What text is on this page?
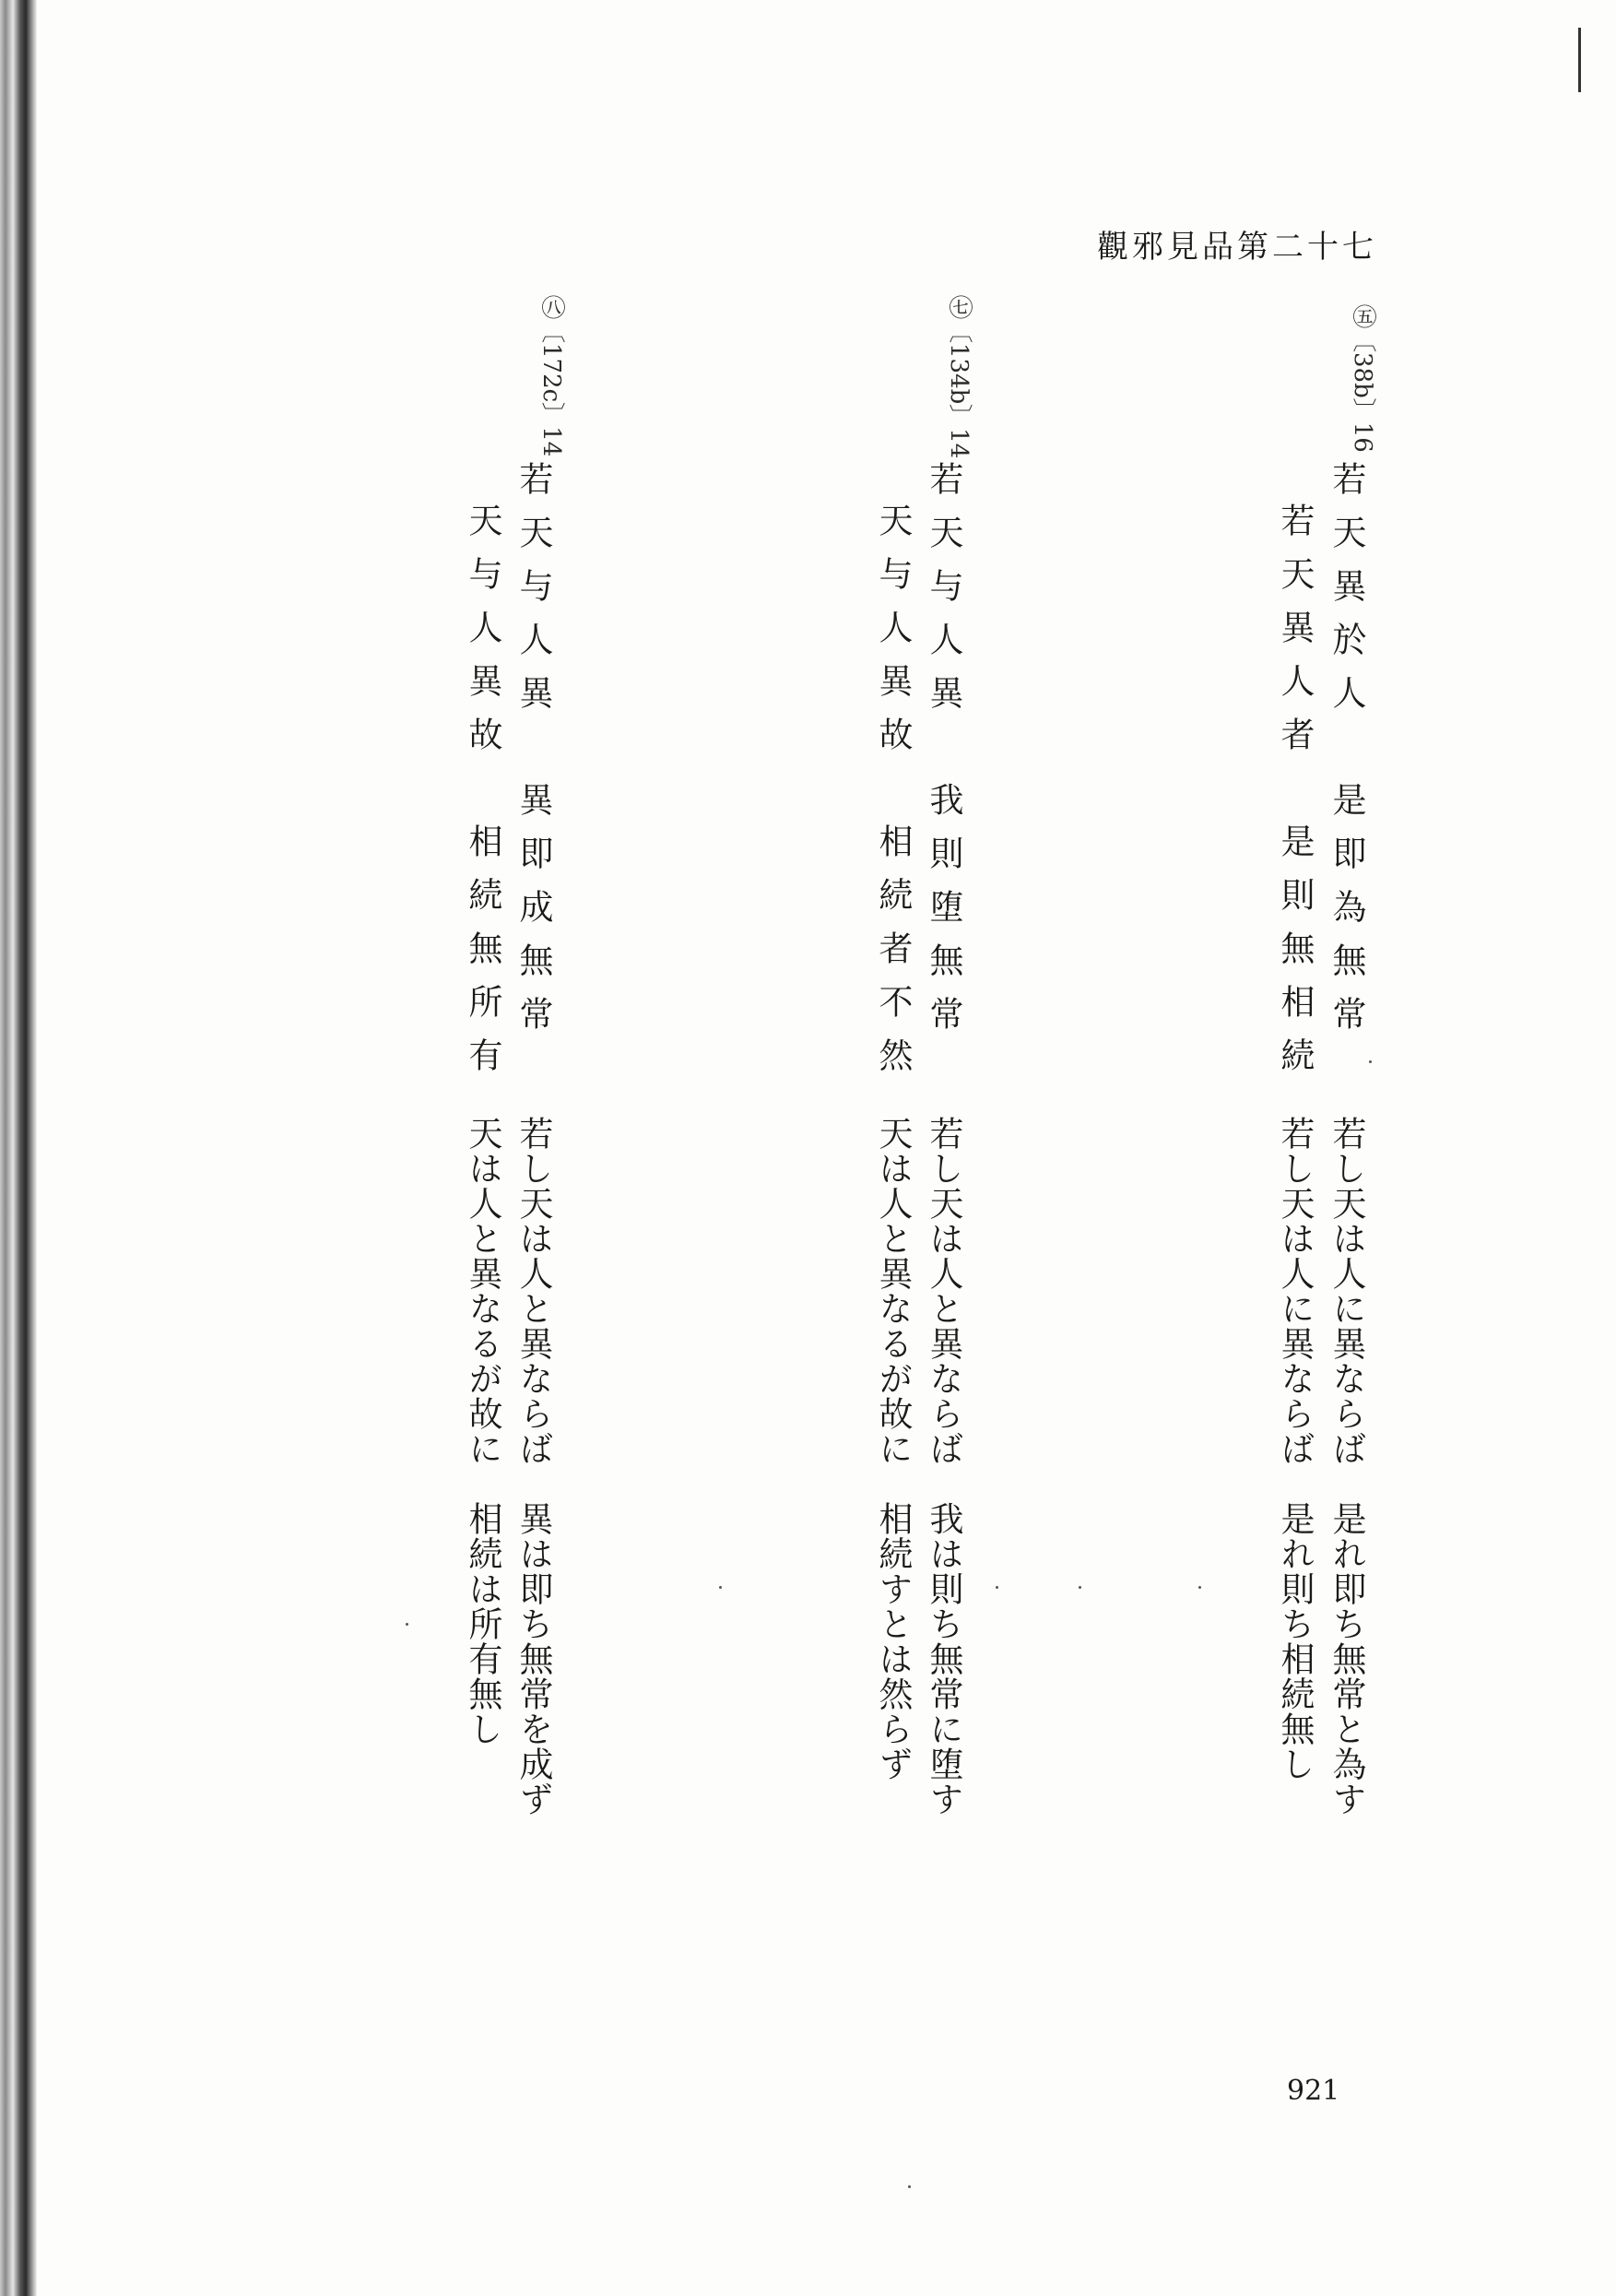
觀邪見品第二十七
㊄〔38b〕16
若天異於人　是即為無常
若天異人者　是則無相続
若し天は人に異ならば　是れ即ち無常と為す
若し天は人に異ならば　是れ則ち相続無し
㊆〔134b〕14
若天与人異　我則堕無常
天与人異故　相続者不然
若し天は人と異ならば　我は則ち無常に堕す
天は人と異なるが故に　相続すとは然らず
㊇〔172c〕14
若天与人異　異即成無常
天与人異故　相続無所有
若し天は人と異ならば　異は即ち無常を成ず
天は人と異なるが故に　相続は所有無し
921
